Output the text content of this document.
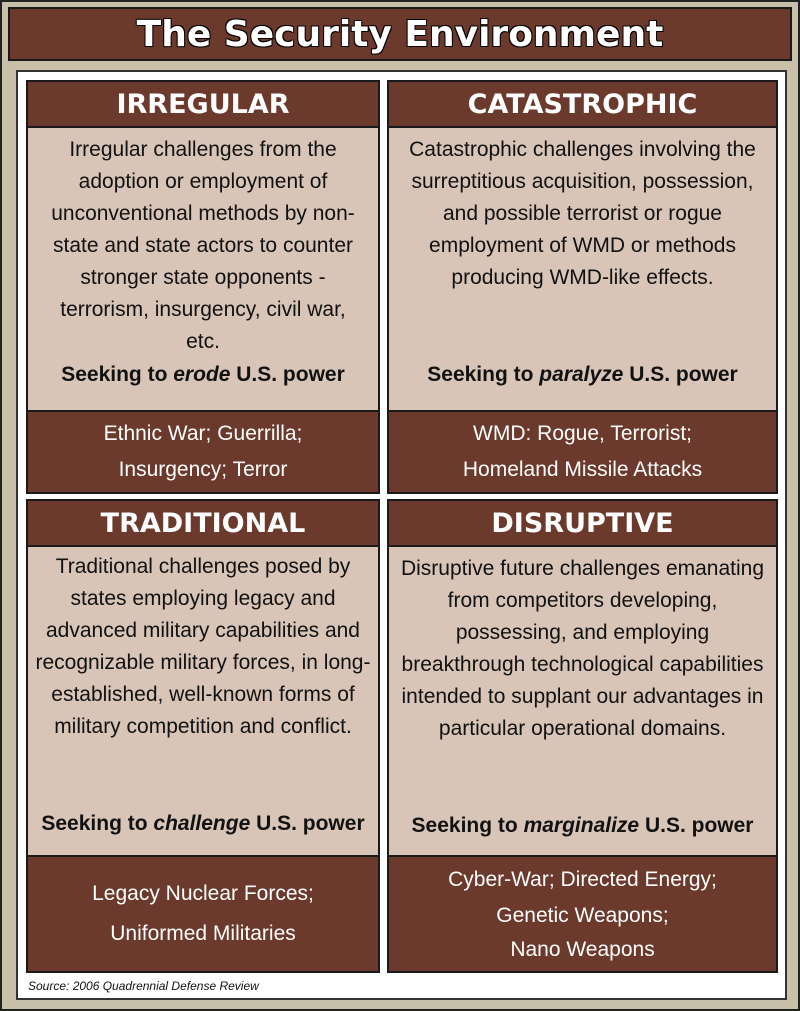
The Security Environment
IRREGULAR
Irregular challenges from the adoption or employment of unconventional methods by non-state and state actors to counter stronger state opponents - terrorism, insurgency, civil war, etc.
Seeking to erode U.S. power
Ethnic War; Guerrilla;
Insurgency; Terror
CATASTROPHIC
Catastrophic challenges involving the surreptitious acquisition, possession, and possible terrorist or rogue employment of WMD or methods producing WMD-like effects.
Seeking to paralyze U.S. power
WMD: Rogue, Terrorist;
Homeland Missile Attacks
TRADITIONAL
Traditional challenges posed by states employing legacy and advanced military capabilities and recognizable military forces, in long-established, well-known forms of military competition and conflict.
Seeking to challenge U.S. power
Legacy Nuclear Forces;
Uniformed Militaries
DISRUPTIVE
Disruptive future challenges emanating from competitors developing, possessing, and employing breakthrough technological capabilities intended to supplant our advantages in particular operational domains.
Seeking to marginalize U.S. power
Cyber-War; Directed Energy;
Genetic Weapons;
Nano Weapons
Source: 2006 Quadrennial Defense Review
